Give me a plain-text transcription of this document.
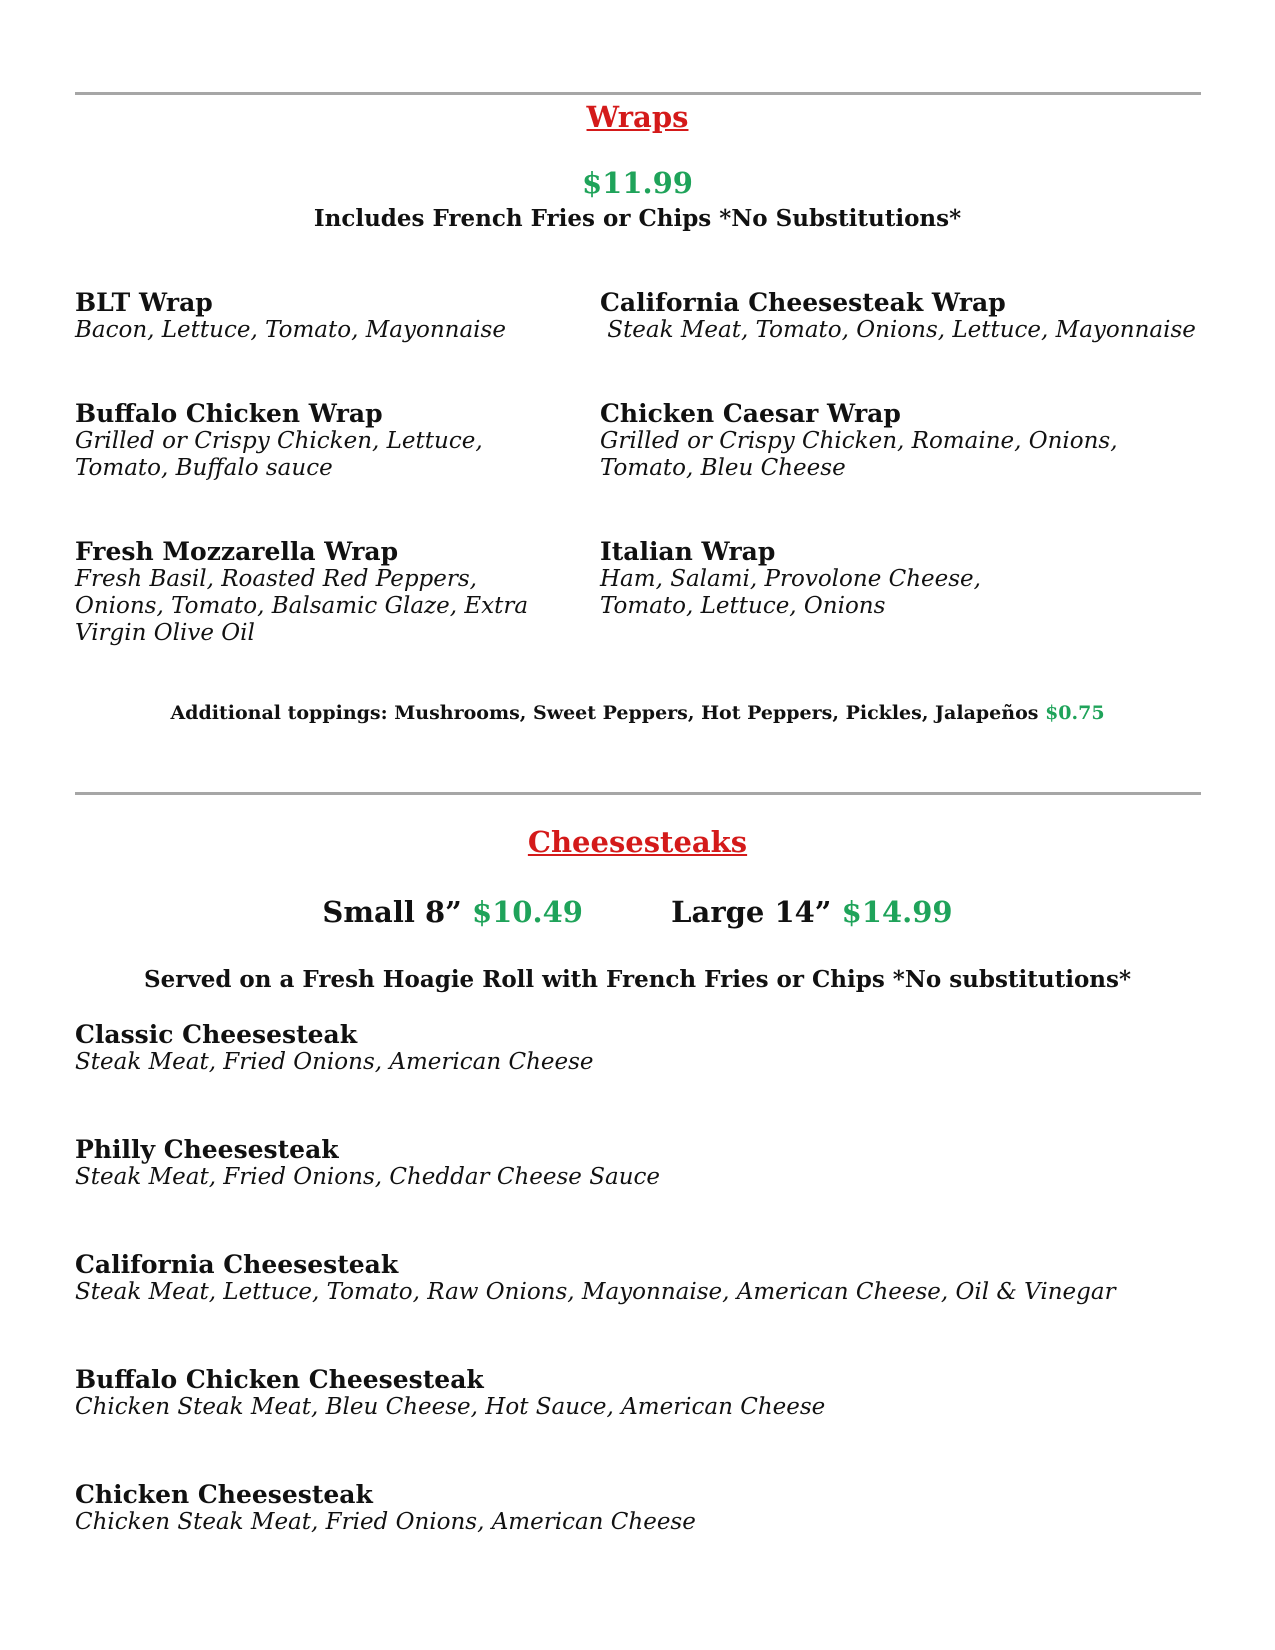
Wraps
$11.99
Includes French Fries or Chips *No Substitutions*
BLT Wrap
Bacon, Lettuce, Tomato, Mayonnaise
California Cheesesteak Wrap
Steak Meat, Tomato, Onions, Lettuce, Mayonnaise
Buffalo Chicken Wrap
Grilled or Crispy Chicken, Lettuce, Tomato, Buffalo sauce
Chicken Caesar Wrap
Grilled or Crispy Chicken, Romaine, Onions, Tomato, Bleu Cheese
Fresh Mozzarella Wrap
Fresh Basil, Roasted Red Peppers, Onions, Tomato, Balsamic Glaze, Extra Virgin Olive Oil
Italian Wrap
Ham, Salami, Provolone Cheese, Tomato, Lettuce, Onions
Additional toppings: Mushrooms, Sweet Peppers, Hot Peppers, Pickles, Jalapeños $0.75
Cheesesteaks
Small 8” $10.49	Large 14” $14.99
Served on a Fresh Hoagie Roll with French Fries or Chips *No substitutions*
Classic Cheesesteak
Steak Meat, Fried Onions, American Cheese
Philly Cheesesteak
Steak Meat, Fried Onions, Cheddar Cheese Sauce
California Cheesesteak
Steak Meat, Lettuce, Tomato, Raw Onions, Mayonnaise, American Cheese, Oil & Vinegar
Buffalo Chicken Cheesesteak
Chicken Steak Meat, Bleu Cheese, Hot Sauce, American Cheese
Chicken Cheesesteak
Chicken Steak Meat, Fried Onions, American Cheese
